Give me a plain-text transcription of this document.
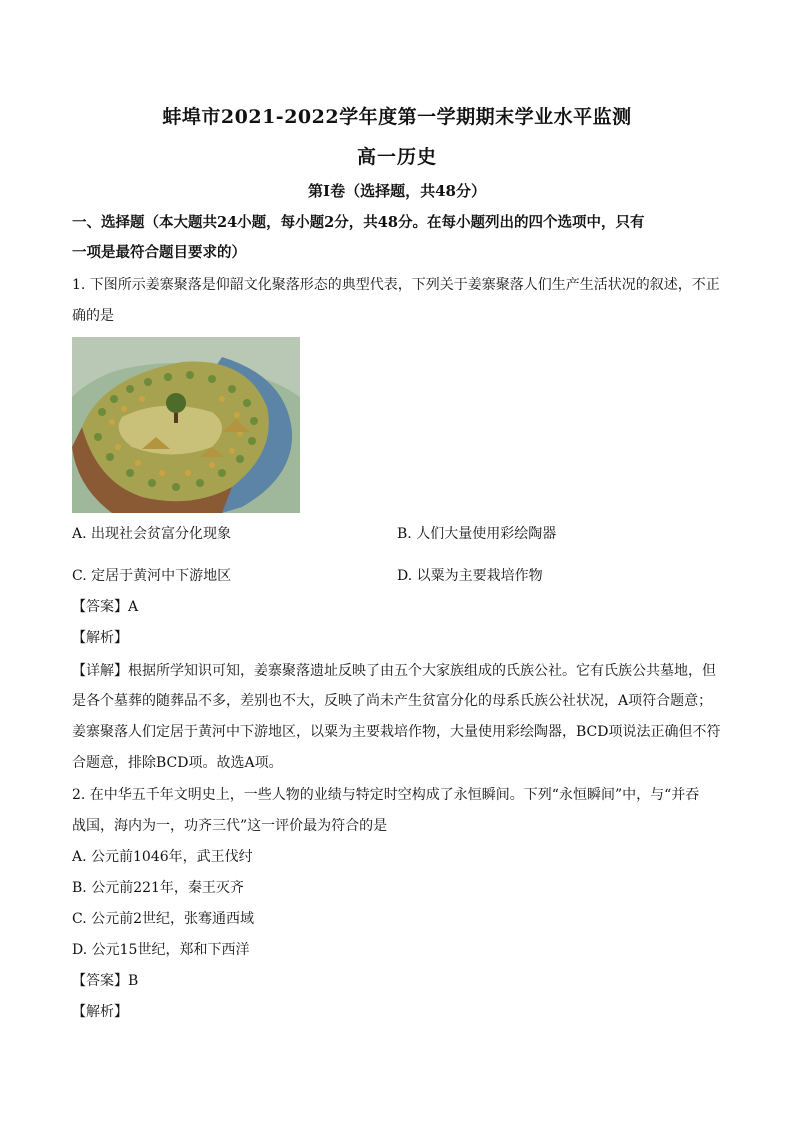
蚌埠市2021-2022学年度第一学期期末学业水平监测
高一历史
第I卷（选择题，共48分）
一、选择题（本大题共24小题，每小题2分，共48分。在每小题列出的四个选项中，只有
一项是最符合题目要求的）
1. 下图所示姜寨聚落是仰韶文化聚落形态的典型代表，下列关于姜寨聚落人们生产生活状况的叙述，不正
确的是
A. 出现社会贫富分化现象	B. 人们大量使用彩绘陶器
C. 定居于黄河中下游地区	D. 以粟为主要栽培作物
【答案】A
【解析】
【详解】根据所学知识可知，姜寨聚落遗址反映了由五个大家族组成的氏族公社。它有氏族公共墓地，但
是各个墓葬的随葬品不多，差别也不大，反映了尚未产生贫富分化的母系氏族公社状况，A项符合题意；
姜寨聚落人们定居于黄河中下游地区，以粟为主要栽培作物，大量使用彩绘陶器，BCD项说法正确但不符
合题意，排除BCD项。故选A项。
2. 在中华五千年文明史上，一些人物的业绩与特定时空构成了永恒瞬间。下列“永恒瞬间”中，与“并吞
战国，海内为一，功齐三代”这一评价最为符合的是
A. 公元前1046年，武王伐纣
B. 公元前221年，秦王灭齐
C. 公元前2世纪，张骞通西域
D. 公元15世纪，郑和下西洋
【答案】B
【解析】
